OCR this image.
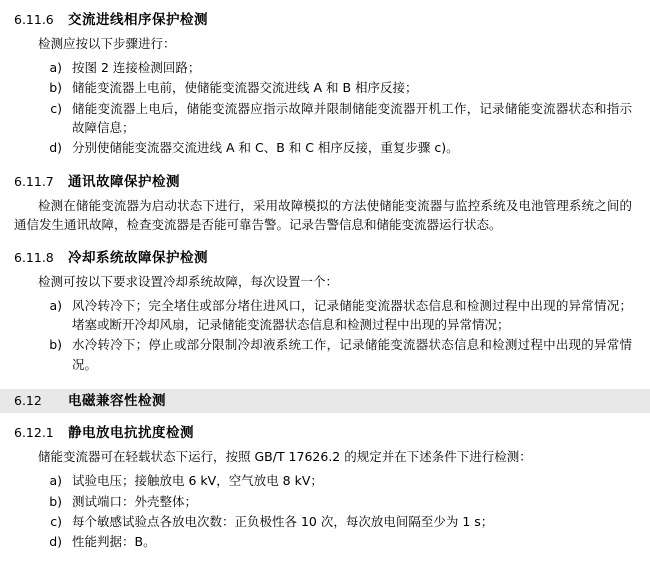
6.11.6	交流进线相序保护检测
检测应按以下步骤进行：
a) 按图 2 连接检测回路；
b) 储能变流器上电前，使储能变流器交流进线 A 和 B 相序反接；
c) 储能变流器上电后，储能变流器应指示故障并限制储能变流器开机工作，记录储能变流器状态和指示故障信息；
d) 分别使储能变流器交流进线 A 和 C、B 和 C 相序反接，重复步骤 c)。
6.11.7	通讯故障保护检测
检测在储能变流器为启动状态下进行，采用故障模拟的方法使储能变流器与监控系统及电池管理系统之间的通信发生通讯故障，检查变流器是否能可靠告警。记录告警信息和储能变流器运行状态。
6.11.8	冷却系统故障保护检测
检测可按以下要求设置冷却系统故障，每次设置一个：
a) 风冷转冷下；完全堵住或部分堵住进风口，记录储能变流器状态信息和检测过程中出现的异常情况；堵塞或断开冷却风扇，记录储能变流器状态信息和检测过程中出现的异常情况；
b) 水冷转冷下；停止或部分限制冷却液系统工作，记录储能变流器状态信息和检测过程中出现的异常情况。
6.12	电磁兼容性检测
6.12.1	静电放电抗扰度检测
储能变流器可在轻载状态下运行，按照 GB/T 17626.2 的规定并在下述条件下进行检测：
a) 试验电压；接触放电 6 kV，空气放电 8 kV；
b) 测试端口：外壳整体；
c) 每个敏感试验点各放电次数：正负极性各 10 次，每次放电间隔至少为 1 s；
d) 性能判据：B。
